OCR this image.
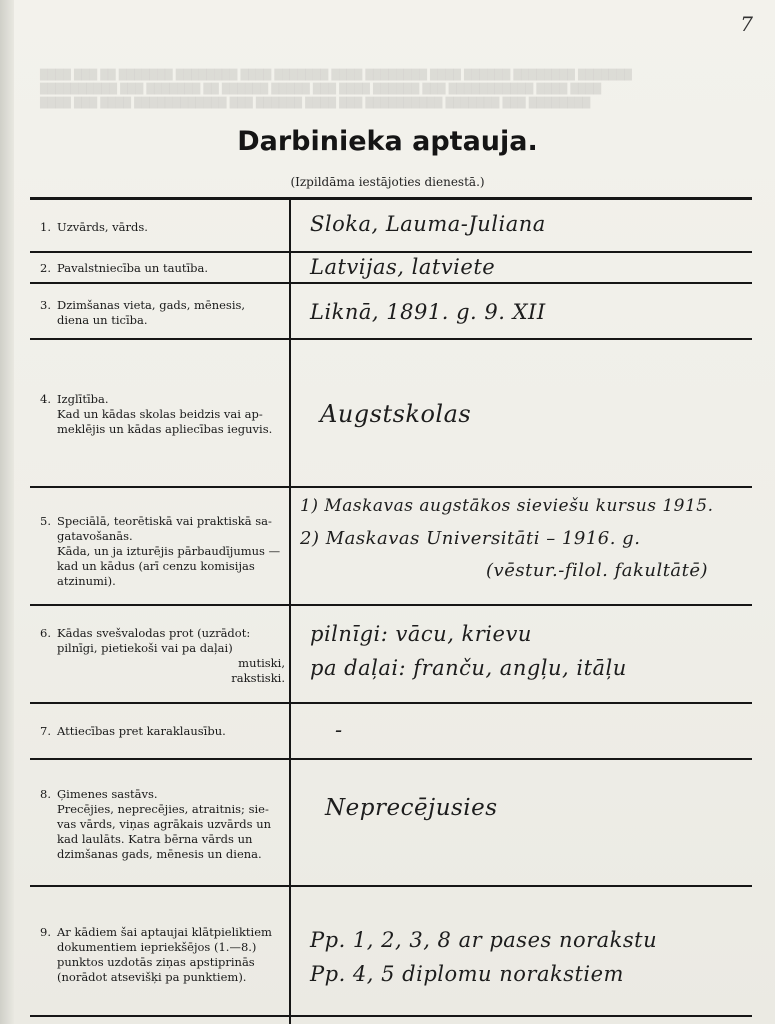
████ ███ ██ ███████ ████████ ████ ███████ ████ ████████ ████ ██████ ████████ ███████
██████████ ███ ███████ ██ ██████ █████ ███ ████ ██████ ███ ███████████ ████ ████
████ ███ ████ ████████████ ███ ██████ ████ ███ ██████████ ███████ ███ ████████
7
Darbinieka aptauja.
(Izpildāma iestājoties dienestā.)
1. Uzvārds, vārds.
2. Pavalstniecība un tautība.
3. Dzimšanas vieta, gads, mēnesis,
diena un ticība.
4. Izglītība.
Kad un kādas skolas beidzis vai ap-
meklējis un kādas apliecības ieguvis.
5. Speciālā, teorētiskā vai praktiskā sa-
gatavošanās.
Kāda, un ja izturējis pārbaudījumus —
kad un kādus (arī cenzu komisijas
atzinumi).
6. Kādas svešvalodas prot (uzrādot:
pilnīgi, pietiekoši vai pa daļai)
mutiski,
rakstiski.
7. Attiecības pret karaklausību.
8. Ģimenes sastāvs.
Precējies, neprecējies, atraitnis; sie-
vas vārds, viņas agrākais uzvārds un
kad laulāts. Katra bērna vārds un
dzimšanas gads, mēnesis un diena.
9. Ar kādiem šai aptaujai klātpieliktiem
dokumentiem iepriekšējos (1.—8.)
punktos uzdotās ziņas apstiprinās
(norādot atsevišķi pa punktiem).
Sloka, Lauma-Juliana
Latvijas, latviete
Liknā, 1891. g. 9. XII
Augstskolas
1) Maskavas augstākos sieviešu kursus 1915.
2) Maskavas Universitāti – 1916. g.
(vēstur.-filol. fakultātē)
pilnīgi: vācu, krievu
pa daļai: franču, angļu, itāļu
-
Neprecējusies
Pp. 1, 2, 3, 8 ar pases norakstu
Pp. 4, 5 diplomu norakstiem
